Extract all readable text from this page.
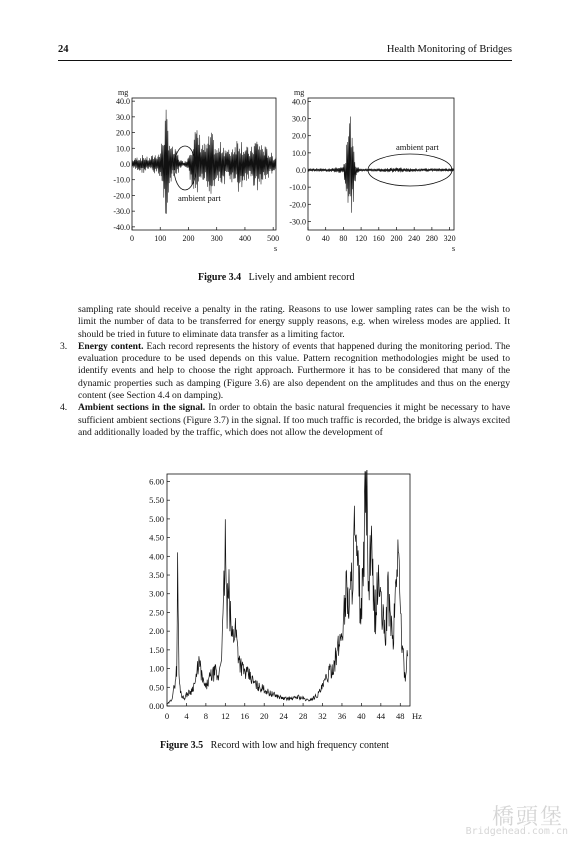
24	Health Monitoring of Bridges
mg
s
40.0
30.0
20.0
10.0
0.0
-10.0
-20.0
-30.0
-40.0
0	100 200 300 400 500
ambient part
mg
s
40.0
30.0
20.0
10.0
0.0
-10.0
-20.0
-30.0
0 40 80 120 160 200 240 280 320
ambient part
Figure 3.4 Lively and ambient record

sampling rate should receive a penalty in the rating. Reasons to use lower sampling rates can be the wish to limit the number of data to be transferred for energy supply reasons, e.g. when wireless modes are applied. It should be tried in future to eliminate data transfer as a limiting factor.

3. Energy content. Each record represents the history of events that happened during the monitoring period. The evaluation procedure to be used depends on this value. Pattern recognition methodologies might be used to identify events and help to choose the right approach. Furthermore it has to be considered that many of the dynamic properties such as damping (Figure 3.6) are also dependent on the amplitudes and thus on the energy content (see Section 4.4 on damping).

4. Ambient sections in the signal. In order to obtain the basic natural frequencies it might be necessary to have sufficient ambient sections (Figure 3.7) in the signal. If too much traffic is recorded, the bridge is always excited and additionally loaded by the traffic, which does not allow the development of

0.00
0.50
1.00
1.50
2.00
2.50
3.00
3.50
4.00
4.50
5.00
5.50
6.00
0 4 8 12 16 20 24 28 32 36 40 44 48 Hz
Figure 3.5 Record with low and high frequency content
橋頭堡
Bridgehead.com.cn
